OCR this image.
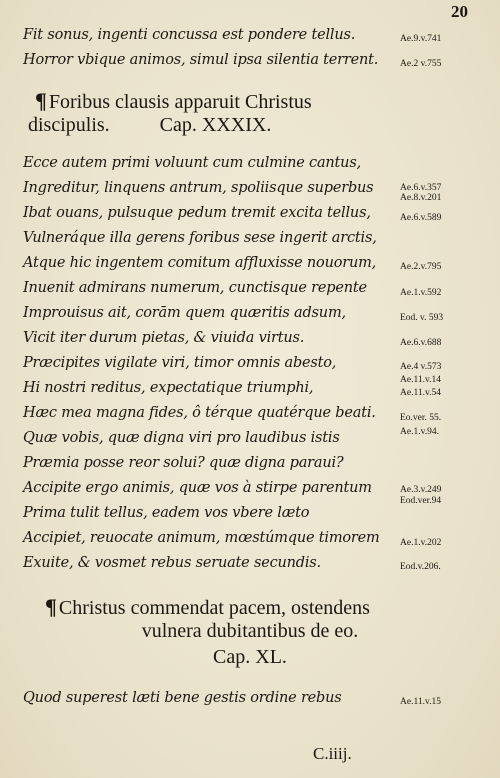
20
Fit sonus, ingenti concussa est pondere tellus.	Ae.9.v.741
Horror vbique animos, simul ipsa silentia terrent.	Ae.2 v.755
¶ Foribus clausis apparuit Christus
discipulis.	Cap. XXXIX.
Ecce autem primi voluunt cum culmine cantus,
Ingreditur, linquens antrum, spoliisque superbus	Ae.6.v.357
Ae.8.v.201
Ibat ouans, pulsuque pedum tremit excita tellus,	Ae.6.v.589
Vulneráque illa gerens foribus sese ingerit arctis,
Atque hic ingentem comitum affluxisse nouorum,	Ae.2.v.795
Inuenit admirans numerum, cunctisque repente	Ae.1.v.592
Improuisus ait, corām quem quæritis adsum,	Eod. v. 593
Vicit iter durum pietas, & viuida virtus.	Ae.6.v.688
Præcipites vigilate viri, timor omnis abesto,	Ae.4 v.573
Hi nostri reditus, expectatique triumphi,	Ae.11.v.14
Ae.11.v.54
Hæc mea magna fides, ô térque quatérque beati.	Eo.ver. 55.
Quæ vobis, quæ digna viri pro laudibus istis	Ae.1.v.94.
Præmia posse reor solui? quæ digna paraui?
Accipite ergo animis, quæ vos à stirpe parentum	Ae.3.v.249
Prima tulit tellus, eadem vos vbere læto
Eod.ver.94
Accipiet, reuocate animum, mœstúmque timorem	Ae.1.v.202
Exuite, & vosmet rebus seruate secundis.	Eod.v.206.
¶ Christus commendat pacem, ostendens
vulnera dubitantibus de eo.
Cap. XL.
Quod superest læti bene gestis ordine rebus	Ae.11.v.15
C.iiij.
